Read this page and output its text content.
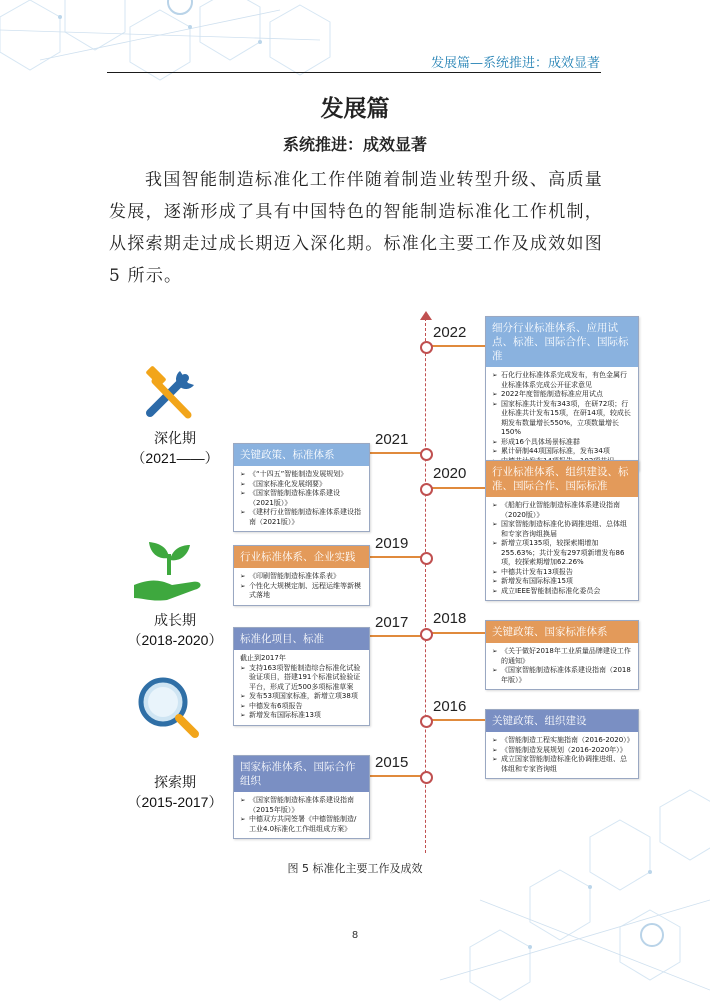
发展篇—系统推进：成效显著
发展篇
系统推进：成效显著
我国智能制造标准化工作伴随着制造业转型升级、高质量发展，逐渐形成了具有中国特色的智能制造标准化工作机制，从探索期走过成长期迈入深化期。标准化主要工作及成效如图 5 所示。
深化期
（2021——）
成长期
（2018-2020）
探索期
（2015-2017）
2022
2021
2020
2019
2018
2017
2016
2015
细分行业标准体系、应用试点、标准、国际合作、国际标准
➢ 石化行业标准体系完成发布，有色金属行业标准体系完成公开征求意见
➢ 2022年度智能制造标准应用试点
➢ 国家标准共计发布343项，在研72项；行业标准共计发布15项，在研14项，较成长期发布数量增长550%，立项数量增长150%
➢ 形成16个具体场景标准群
➢ 累计研制44项国际标准，发布34项
➢
关键政策、标准体系
➢ 《“十四五”智能制造发展规划》
➢ 《国家标准化发展纲要》
➢ 《国家智能制造标准体系建设（2021版）》
➢ 《建材行业智能制造标准体系建设指南（2021版）》
行业标准体系、组织建设、标准、国际合作、国际标准
➢ 《船舶行业智能制造标准体系建设指南（2020版）》
➢ 国家智能制造标准化协调推进组、总体组和专家咨询组换届
➢ 新增立项135项，较探索期增加255.63%；共计发布297项新增发布86项，较探索期增加62.26%
➢ 中德共计发布13项报告
➢ 新增发布国际标准15项
➢ 成立IEEE智能制造标准化委员会
行业标准体系、企业实践
➢ 《印刷智能制造标准体系表》
➢ 个性化大规模定制、远程运维等新模式落地
关键政策、国家标准体系
➢ 《关于做好2018年工业质量品牌建设工作的通知》
➢ 《国家智能制造标准体系建设指南（2018年版）》
标准化项目、标准
截止到2017年
➢ 支持163项智能制造综合标准化试验验证项目，搭建191个标准试验验证平台，形成了近500多项标准草案
➢ 发布53项国家标准，新增立项38项
➢ 中德发布6项报告
➢ 新增发布国际标准13项	关键政策、组织建设
➢ 《智能制造工程实施指南（2016-2020）》
➢ 《智能制造发展规划（2016-2020年）》
➢ 成立国家智能制造标准化协调推进组、总体组和专家咨询组
国家标准体系、国际合作组织
➢ 《国家智能制造标准体系建设指南（2015年版）》
➢ 中德双方共同签署《中德智能制造/工业4.0标准化工作组组成方案》
图 5 标准化主要工作及成效
8
